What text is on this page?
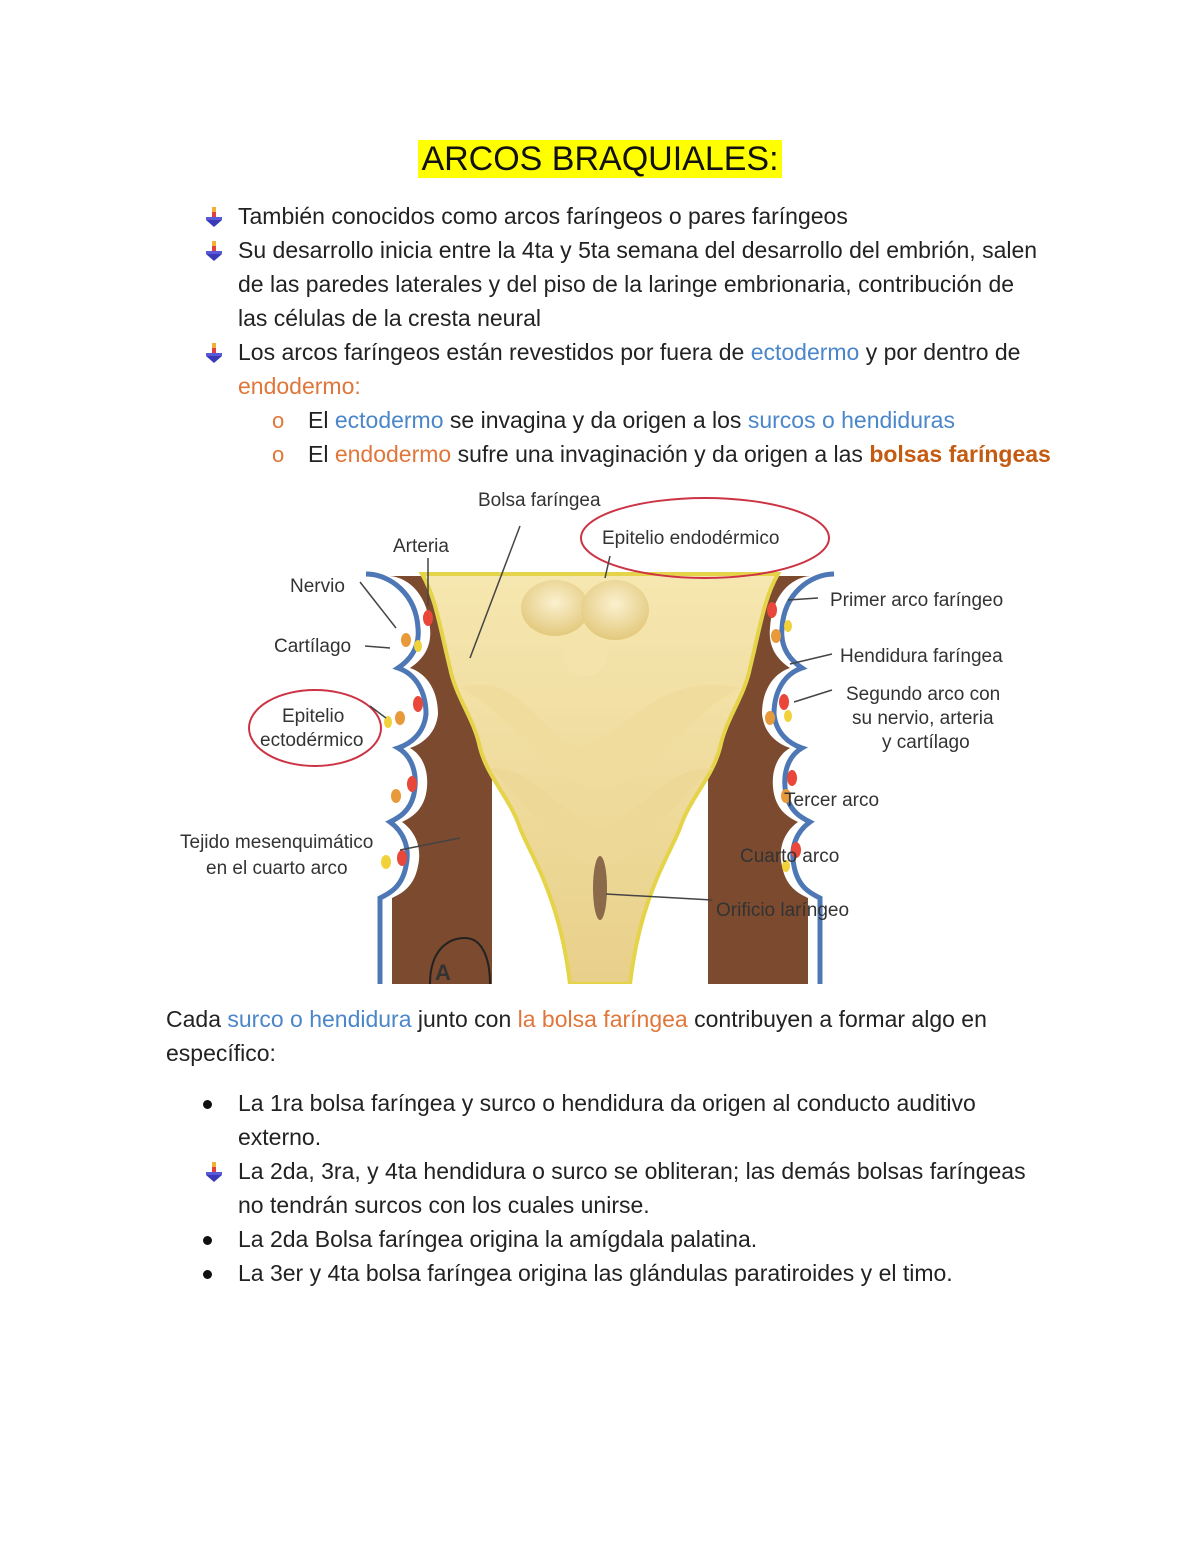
ARCOS BRAQUIALES:
También conocidos como arcos faríngeos o pares faríngeos
Su desarrollo inicia entre la 4ta y 5ta semana del desarrollo del embrión, salen
de las paredes laterales y del piso de la laringe embrionaria, contribución de
las células de la cresta neural
Los arcos faríngeos están revestidos por fuera de ectodermo y por dentro de
endodermo:
o El ectodermo se invagina y da origen a los surcos o hendiduras
o El endodermo sufre una invaginación y da origen a las bolsas faríngeas
Cada surco o hendidura junto con la bolsa faríngea contribuyen a formar algo en
específico:
La 1ra bolsa faríngea y surco o hendidura da origen al conducto auditivo
externo.
La 2da, 3ra, y 4ta hendidura o surco se obliteran; las demás bolsas faríngeas
no tendrán surcos con los cuales unirse.
La 2da Bolsa faríngea origina la amígdala palatina.
La 3er y 4ta bolsa faríngea origina las glándulas paratiroides y el timo.
Bolsa faríngea
Epitelio endodérmico
Arteria
Nervio
Cartílago
Primer arco faríngeo
Hendidura faríngea
Segundo arco con
su nervio, arteria
y cartílago
Epitelio
ectodérmico
Tercer arco
Tejido mesenquimático
en el cuarto arco
Cuarto arco
Orificio laríngeo
A
